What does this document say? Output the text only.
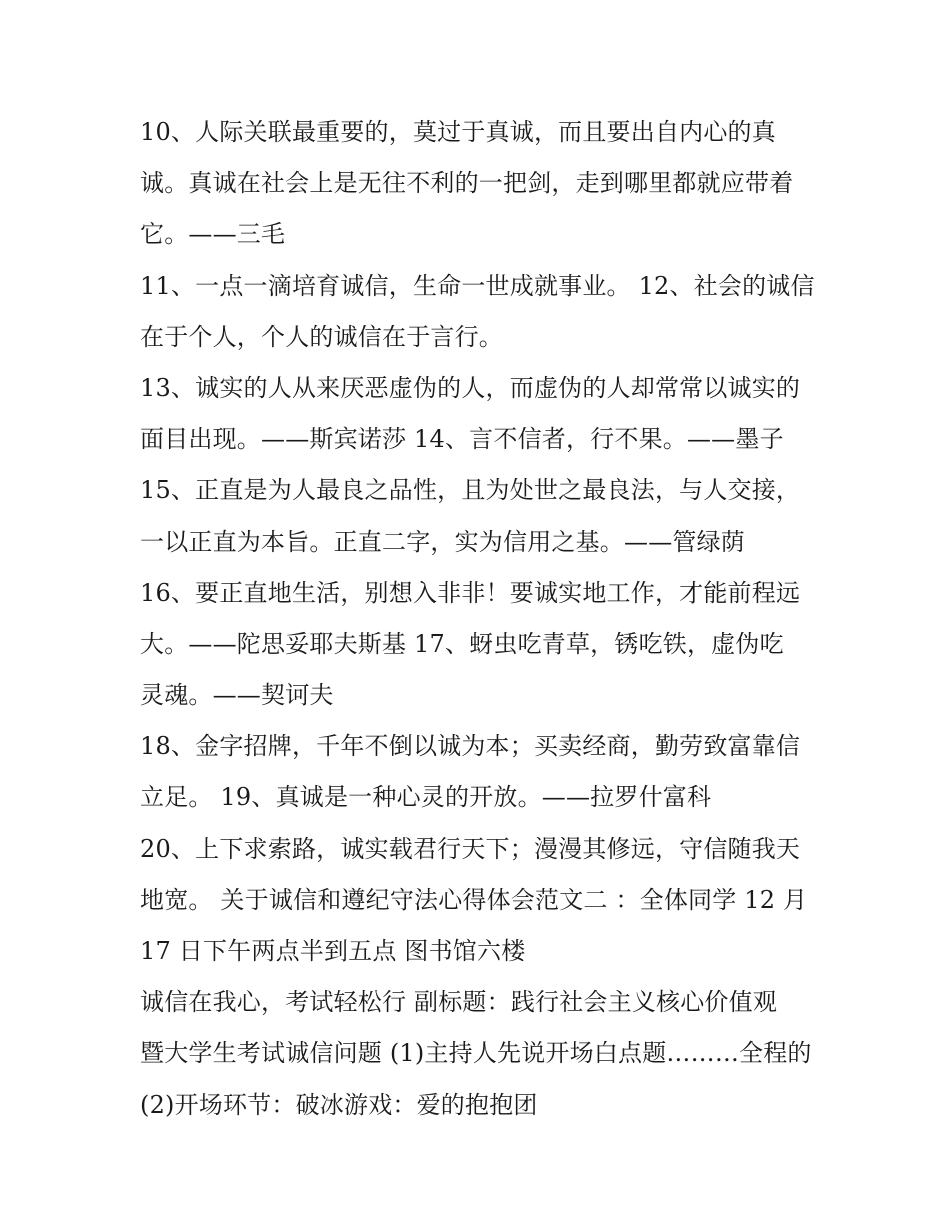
10、人际关联最重要的，莫过于真诚，而且要出自内心的真
诚。真诚在社会上是无往不利的一把剑，走到哪里都就应带着
它。——三毛
11、一点一滴培育诚信，生命一世成就事业。 12、社会的诚信
在于个人，个人的诚信在于言行。
13、诚实的人从来厌恶虚伪的人，而虚伪的人却常常以诚实的
面目出现。——斯宾诺莎 14、言不信者，行不果。——墨子
15、正直是为人最良之品性，且为处世之最良法，与人交接，
一以正直为本旨。正直二字，实为信用之基。——管绿荫
16、要正直地生活，别想入非非！要诚实地工作，才能前程远
大。——陀思妥耶夫斯基 17、蚜虫吃青草，锈吃铁，虚伪吃
灵魂。——契诃夫
18、金字招牌，千年不倒以诚为本；买卖经商，勤劳致富靠信
立足。 19、真诚是一种心灵的开放。——拉罗什富科
20、上下求索路，诚实载君行天下；漫漫其修远，守信随我天
地宽。 关于诚信和遵纪守法心得体会范文二 ：全体同学 12 月
17 日下午两点半到五点 图书馆六楼
诚信在我心，考试轻松行 副标题：践行社会主义核心价值观
暨大学生考试诚信问题 (1)主持人先说开场白点题………全程的
(2)开场环节：破冰游戏：爱的抱抱团
